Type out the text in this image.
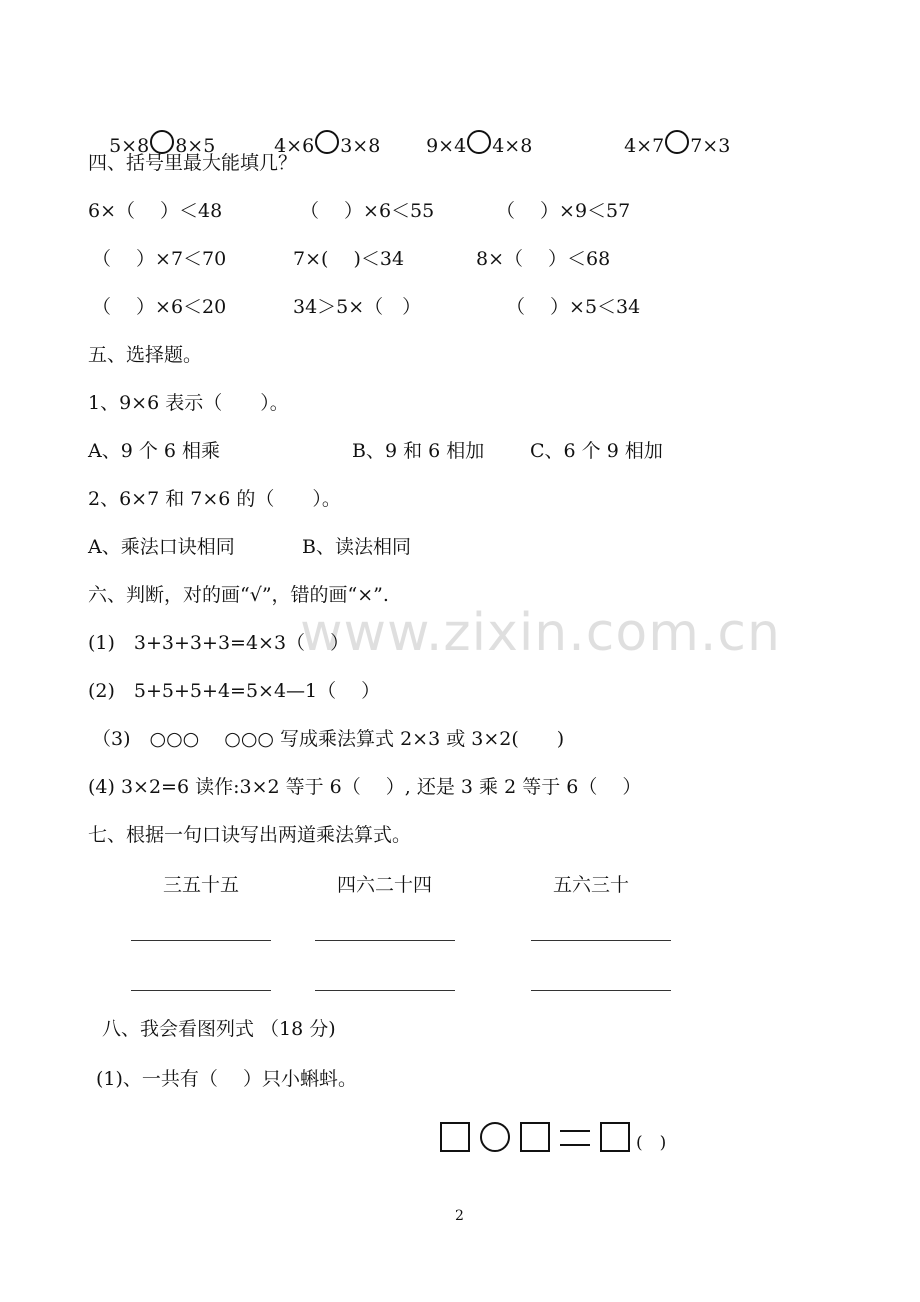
5×8 8×5	4×6 3×8	9×4 4×8	4×7 7×3

四、括号里最大能填几？
6×（　 ）＜48	（　 ）×6＜55	（　 ）×9＜57
（　 ）×7＜70	7×(　 )＜34	8×（　 ）＜68
（　 ）×6＜20	34＞5×（　）	（　 ）×5＜34
五、选择题。
1、9×6 表示（　　）。
A、9 个 6 相乘	B、9 和 6 相加 C、6 个 9 相加
2、6×7 和 7×6 的（　　）。
A、乘法口诀相同	B、读法相同
六、判断，对的画“√”，错的画“×”.
(1)　3+3+3+3=4×3（　 ）
(2)　5+5+5+4=5×4—1（　 ）
（3)　○○○　 ○○○ 写成乘法算式 2×3 或 3×2(　　)
(4) 3×2=6 读作:3×2 等于 6（　 ）, 还是 3 乘 2 等于 6（　 ）
www.zixin.com.cn
七、根据一句口诀写出两道乘法算式。
三五十五	四六二十四	五六三十
八、我会看图列式 （18 分)
(1)、一共有（　 ）只小蝌蚪。
(　)
2
